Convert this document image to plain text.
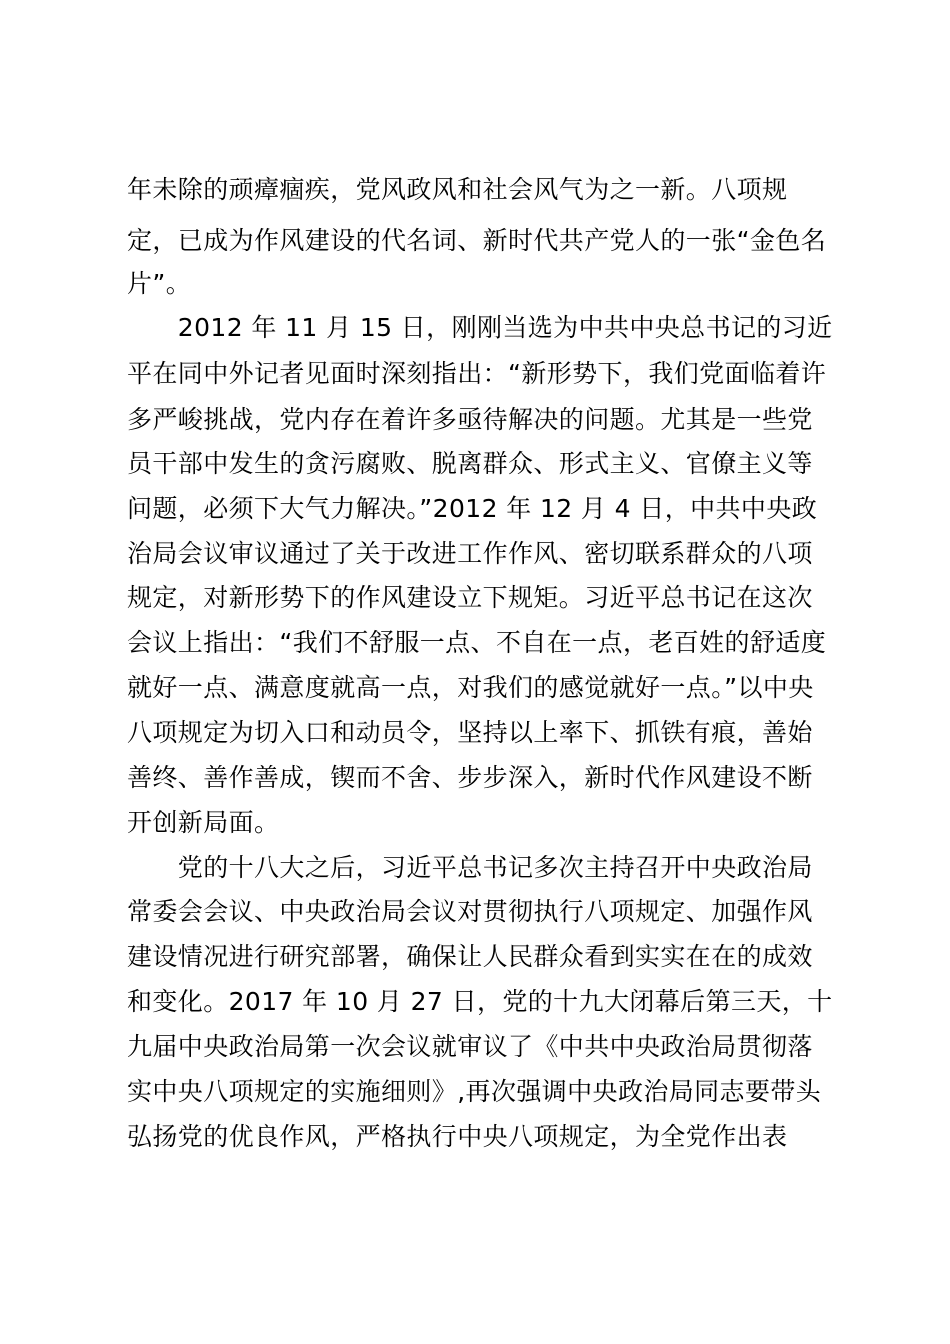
年未除的顽瘴痼疾，党风政风和社会风气为之一新。八项规
定，已成为作风建设的代名词、新时代共产党人的一张“金色名
片”。
　　2012 年 11 月 15 日，刚刚当选为中共中央总书记的习近
平在同中外记者见面时深刻指出：“新形势下，我们党面临着许
多严峻挑战，党内存在着许多亟待解决的问题。尤其是一些党
员干部中发生的贪污腐败、脱离群众、形式主义、官僚主义等
问题，必须下大气力解决。”2012 年 12 月 4 日，中共中央政
治局会议审议通过了关于改进工作作风、密切联系群众的八项
规定，对新形势下的作风建设立下规矩。习近平总书记在这次
会议上指出：“我们不舒服一点、不自在一点，老百姓的舒适度
就好一点、满意度就高一点，对我们的感觉就好一点。”以中央
八项规定为切入口和动员令，坚持以上率下、抓铁有痕，善始
善终、善作善成，锲而不舍、步步深入，新时代作风建设不断
开创新局面。
　　党的十八大之后，习近平总书记多次主持召开中央政治局
常委会会议、中央政治局会议对贯彻执行八项规定、加强作风
建设情况进行研究部署，确保让人民群众看到实实在在的成效
和变化。2017 年 10 月 27 日，党的十九大闭幕后第三天，十
九届中央政治局第一次会议就审议了《中共中央政治局贯彻落
实中央八项规定的实施细则》,再次强调中央政治局同志要带头
弘扬党的优良作风，严格执行中央八项规定，为全党作出表
